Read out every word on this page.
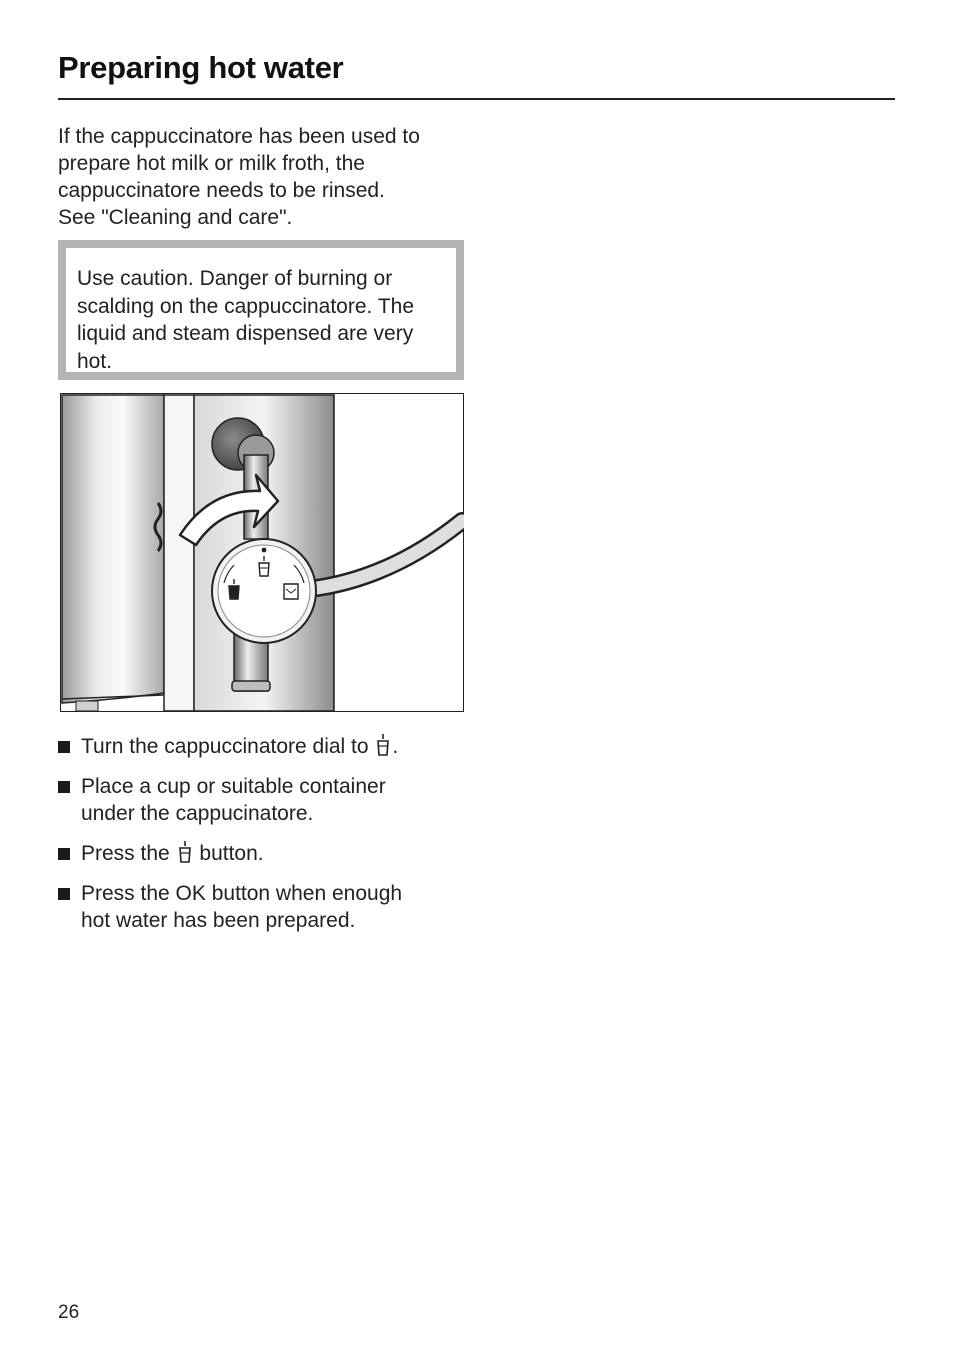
Preparing hot water

If the cappuccinatore has been used to

prepare hot milk or milk froth, the

cappuccinatore needs to be rinsed.

See "Cleaning and care".

Use caution. Danger of burning or
scalding on the cappuccinatore. The
liquid and steam dispensed are very
hot.
Turn the cappuccinatore dial to .
Place a cup or suitable container
under the cappucinatore.
Press the button.
Press the OK button when enough
hot water has been prepared.
26
